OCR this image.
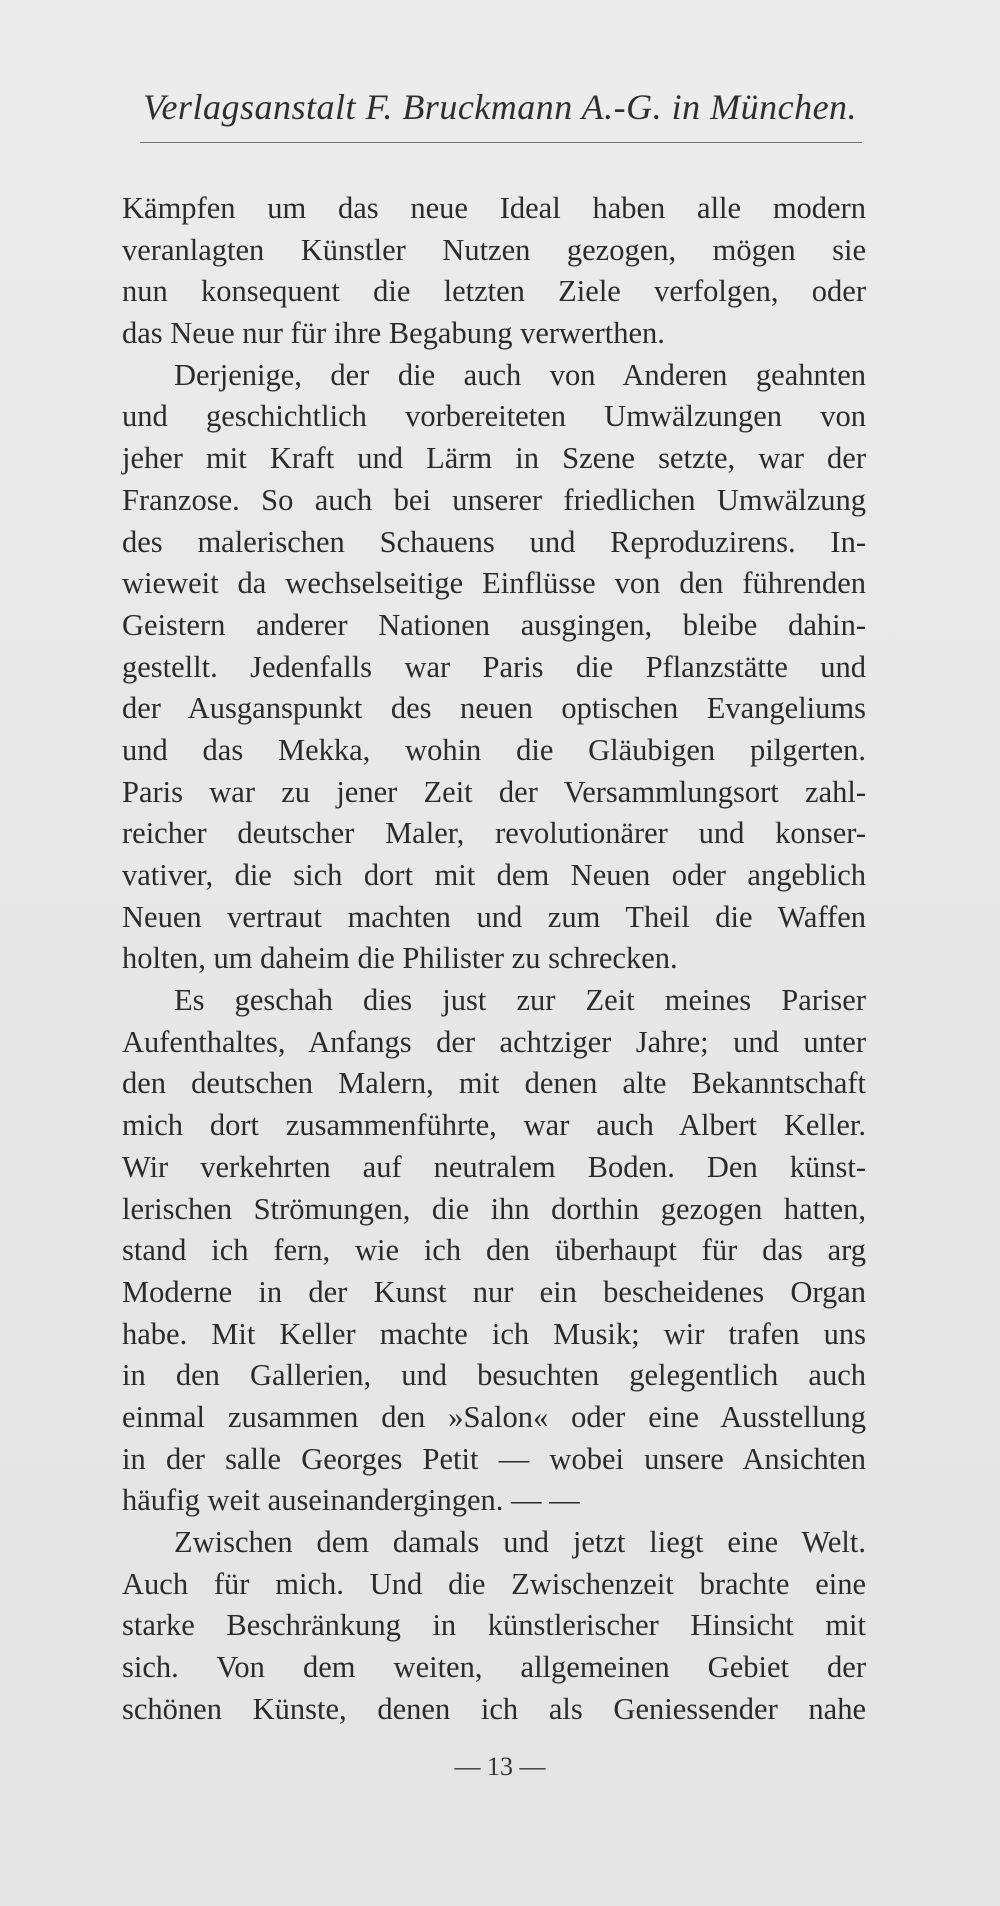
Verlagsanstalt F. Bruckmann A.-G. in München.
Kämpfen um das neue Ideal haben alle modern
veranlagten Künstler Nutzen gezogen, mögen sie
nun konsequent die letzten Ziele verfolgen, oder
das Neue nur für ihre Begabung verwerthen.
Derjenige, der die auch von Anderen geahnten
und geschichtlich vorbereiteten Umwälzungen von
jeher mit Kraft und Lärm in Szene setzte, war der
Franzose. So auch bei unserer friedlichen Umwälzung
des malerischen Schauens und Reproduzirens. In-
wieweit da wechselseitige Einflüsse von den führenden
Geistern anderer Nationen ausgingen, bleibe dahin-
gestellt. Jedenfalls war Paris die Pflanzstätte und
der Ausganspunkt des neuen optischen Evangeliums
und das Mekka, wohin die Gläubigen pilgerten.
Paris war zu jener Zeit der Versammlungsort zahl-
reicher deutscher Maler, revolutionärer und konser-
vativer, die sich dort mit dem Neuen oder angeblich
Neuen vertraut machten und zum Theil die Waffen
holten, um daheim die Philister zu schrecken.
Es geschah dies just zur Zeit meines Pariser
Aufenthaltes, Anfangs der achtziger Jahre; und unter
den deutschen Malern, mit denen alte Bekanntschaft
mich dort zusammenführte, war auch Albert Keller.
Wir verkehrten auf neutralem Boden. Den künst-
lerischen Strömungen, die ihn dorthin gezogen hatten,
stand ich fern, wie ich den überhaupt für das arg
Moderne in der Kunst nur ein bescheidenes Organ
habe. Mit Keller machte ich Musik; wir trafen uns
in den Gallerien, und besuchten gelegentlich auch
einmal zusammen den »Salon« oder eine Ausstellung
in der salle Georges Petit — wobei unsere Ansichten
häufig weit auseinandergingen. — —
Zwischen dem damals und jetzt liegt eine Welt.
Auch für mich. Und die Zwischenzeit brachte eine
starke Beschränkung in künstlerischer Hinsicht mit
sich. Von dem weiten, allgemeinen Gebiet der
schönen Künste, denen ich als Geniessender nahe
— 13 —
